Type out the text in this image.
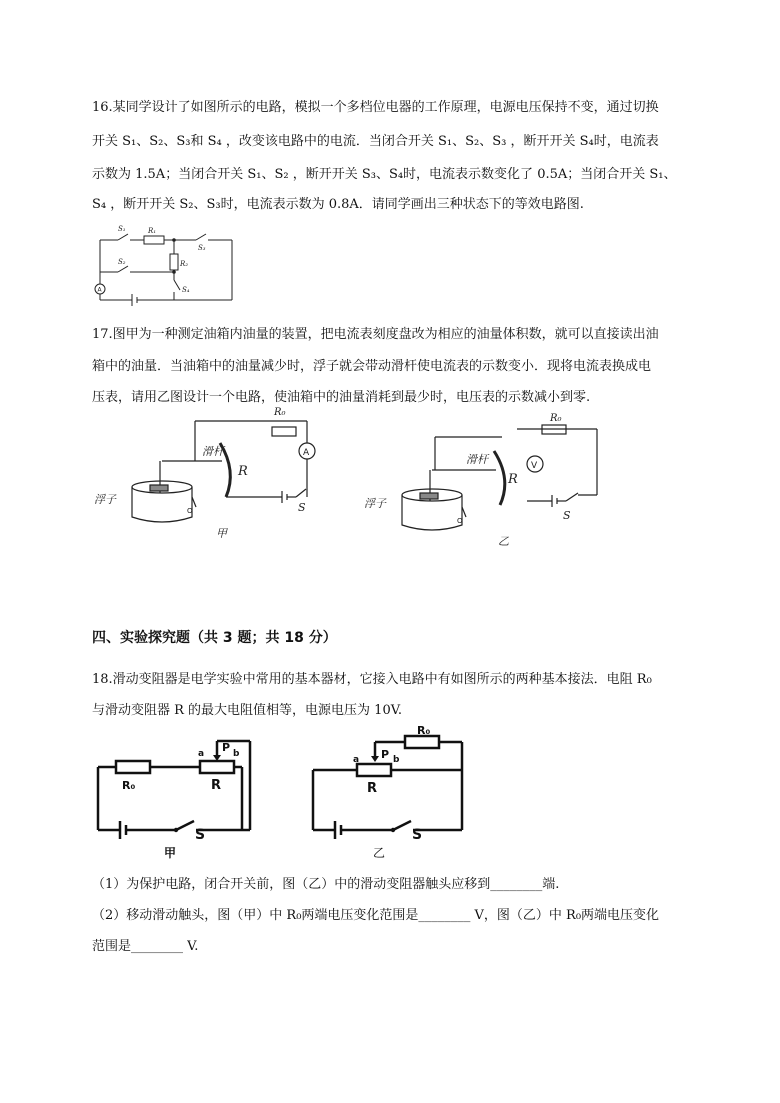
16.某同学设计了如图所示的电路，模拟一个多档位电器的工作原理，电源电压保持不变，通过切换
开关 S₁、S₂、S₃和 S₄ ，改变该电路中的电流．当闭合开关 S₁、S₂、S₃ ，断开开关 S₄时，电流表
示数为 1.5A；当闭合开关 S₁、S₂ ，断开开关 S₃、S₄时，电流表示数变化了 0.5A；当闭合开关 S₁、
S₄ ，断开开关 S₂、S₃时，电流表示数为 0.8A．请同学画出三种状态下的等效电路图.
S₁	R₁
S₃
S₂	R₂
S₄
A
17.图甲为一种测定油箱内油量的装置，把电流表刻度盘改为相应的油量体积数，就可以直接读出油
箱中的油量．当油箱中的油量减少时，浮子就会带动滑杆使电流表的示数变小．现将电流表换成电
压表，请用乙图设计一个电路，使油箱中的油量消耗到最少时，电压表的示数减小到零.
R₀
A
滑杆
R
浮子
O	S
甲
R₀
V
滑杆
R
浮子
O	S
乙
四、实验探究题（共 3 题；共 18 分）
18.滑动变阻器是电学实验中常用的基本器材，它接入电路中有如图所示的两种基本接法．电阻 R₀
与滑动变阻器 R 的最大电阻值相等，电源电压为 10V.
R₀	R
a P b
S
甲
R₀
R
a P b
S
乙
（1）为保护电路，闭合开关前，图（乙）中的滑动变阻器触头应移到________端.
（2）移动滑动触头，图（甲）中 R₀两端电压变化范围是________ V，图（乙）中 R₀两端电压变化
范围是________ V.
